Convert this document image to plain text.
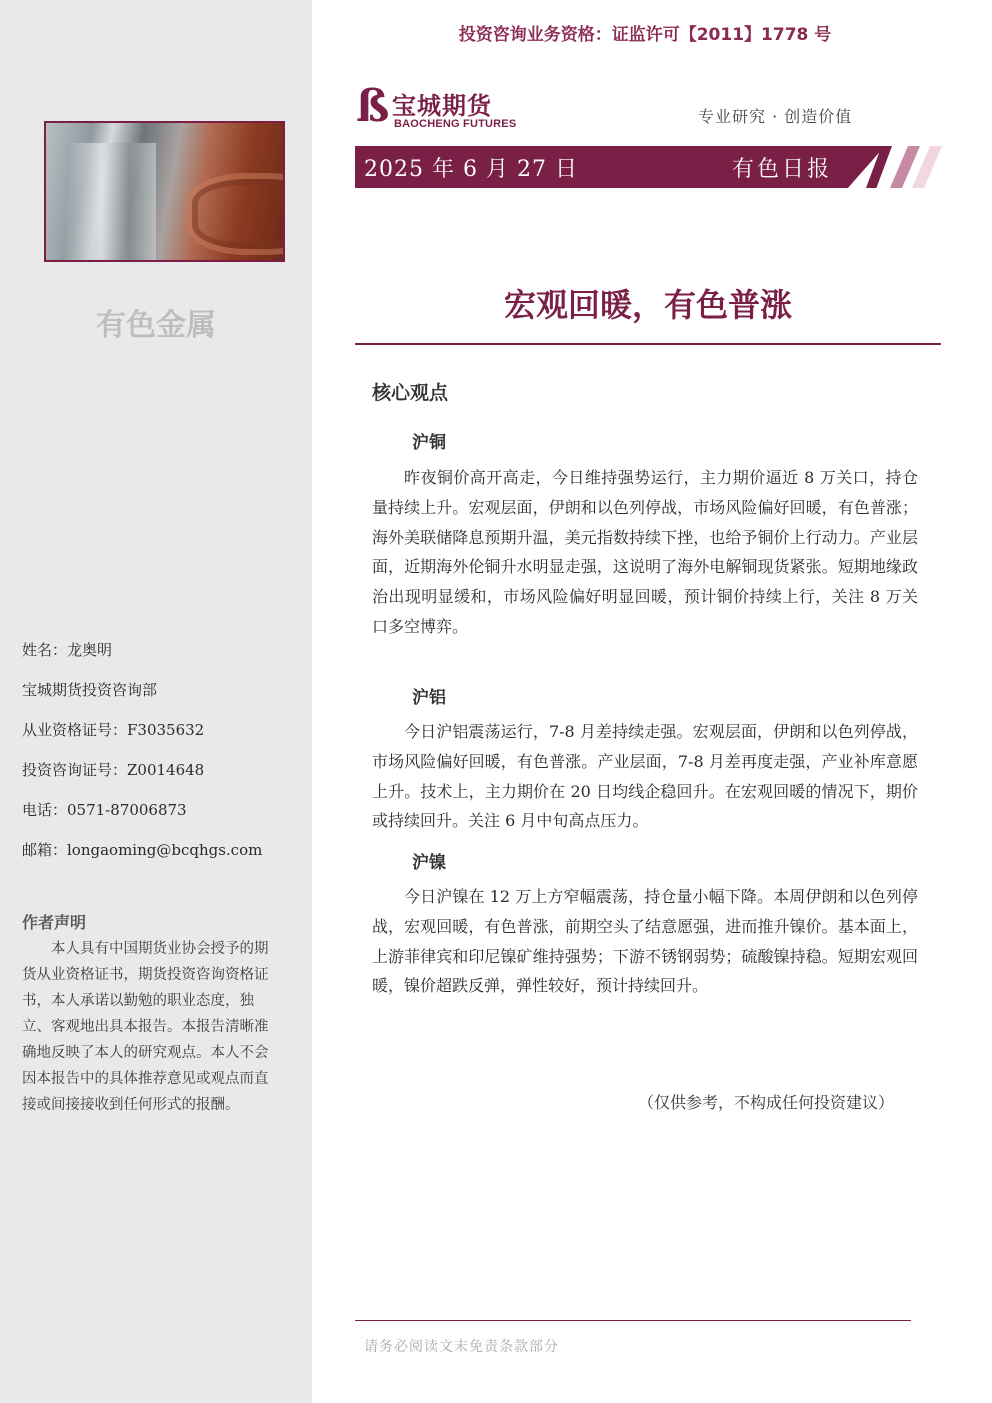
有色金属
姓名：龙奥明
宝城期货投资咨询部
从业资格证号：F3035632
投资咨询证号：Z0014648
电话：0571-87006873
邮箱：longaoming@bcqhgs.com
作者声明
本人具有中国期货业协会授予的期货从业资格证书，期货投资咨询资格证书，本人承诺以勤勉的职业态度，独立、客观地出具本报告。本报告清晰准确地反映了本人的研究观点。本人不会因本报告中的具体推荐意见或观点而直接或间接接收到任何形式的报酬。
投资咨询业务资格：证监许可【2011】1778 号
ß 宝城期货
BAOCHENG FUTURES	专业研究 · 创造价值
2025 年 6 月 27 日	有色日报
宏观回暖，有色普涨
核心观点
沪铜
昨夜铜价高开高走，今日维持强势运行，主力期价逼近 8 万关口，持仓量持续上升。宏观层面，伊朗和以色列停战，市场风险偏好回暖，有色普涨；海外美联储降息预期升温，美元指数持续下挫，也给予铜价上行动力。产业层面，近期海外伦铜升水明显走强，这说明了海外电解铜现货紧张。短期地缘政治出现明显缓和，市场风险偏好明显回暖，预计铜价持续上行，关注 8 万关口多空博弈。
沪铝
今日沪铝震荡运行，7-8 月差持续走强。宏观层面，伊朗和以色列停战，市场风险偏好回暖，有色普涨。产业层面，7-8 月差再度走强，产业补库意愿上升。技术上，主力期价在 20 日均线企稳回升。在宏观回暖的情况下，期价或持续回升。关注 6 月中旬高点压力。
沪镍
今日沪镍在 12 万上方窄幅震荡，持仓量小幅下降。本周伊朗和以色列停战，宏观回暖，有色普涨，前期空头了结意愿强，进而推升镍价。基本面上，上游菲律宾和印尼镍矿维持强势；下游不锈钢弱势；硫酸镍持稳。短期宏观回暖，镍价超跌反弹，弹性较好，预计持续回升。
（仅供参考，不构成任何投资建议）
请务必阅读文末免责条款部分
